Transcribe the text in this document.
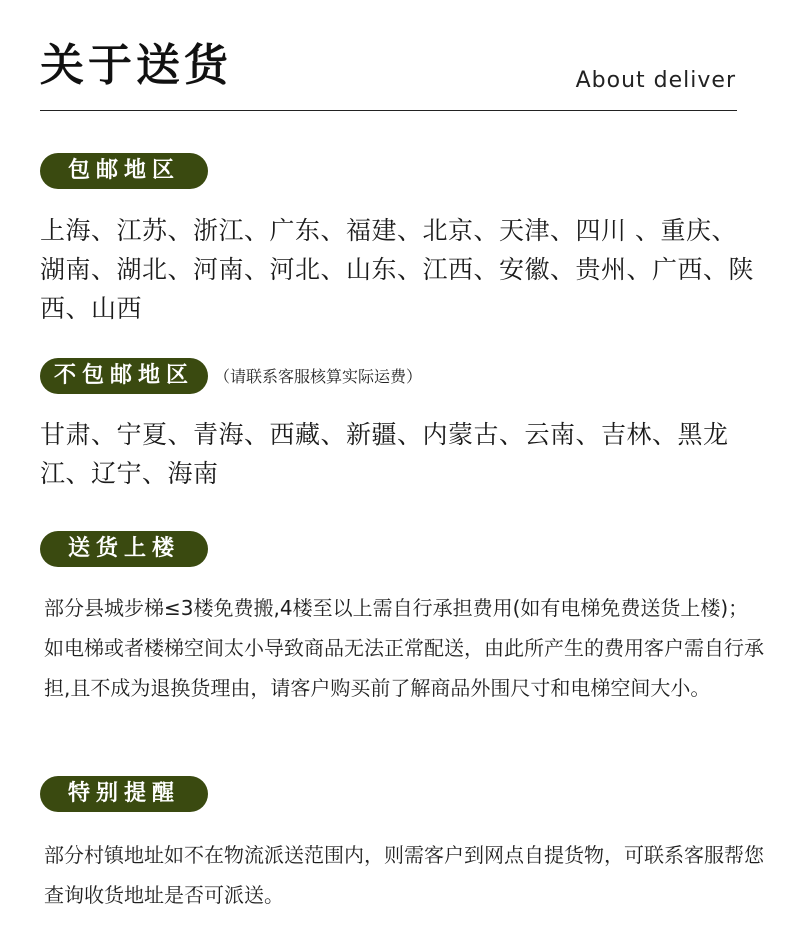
关于送货	About deliver
包邮地区
上海、江苏、浙江、广东、福建、北京、天津、四川 、重庆、湖南、湖北、河南、河北、山东、江西、安徽、贵州、广西、陕西、山西
不包邮地区	（请联系客服核算实际运费）
甘肃、宁夏、青海、西藏、新疆、内蒙古、云南、吉林、黑龙江、辽宁、海南
送货上楼
部分县城步梯≤3楼免费搬,4楼至以上需自行承担费用(如有电梯免费送货上楼)；如电梯或者楼梯空间太小导致商品无法正常配送，由此所产生的费用客户需自行承担,且不成为退换货理由，请客户购买前了解商品外围尺寸和电梯空间大小。
特别提醒
部分村镇地址如不在物流派送范围内，则需客户到网点自提货物，可联系客服帮您查询收货地址是否可派送。
